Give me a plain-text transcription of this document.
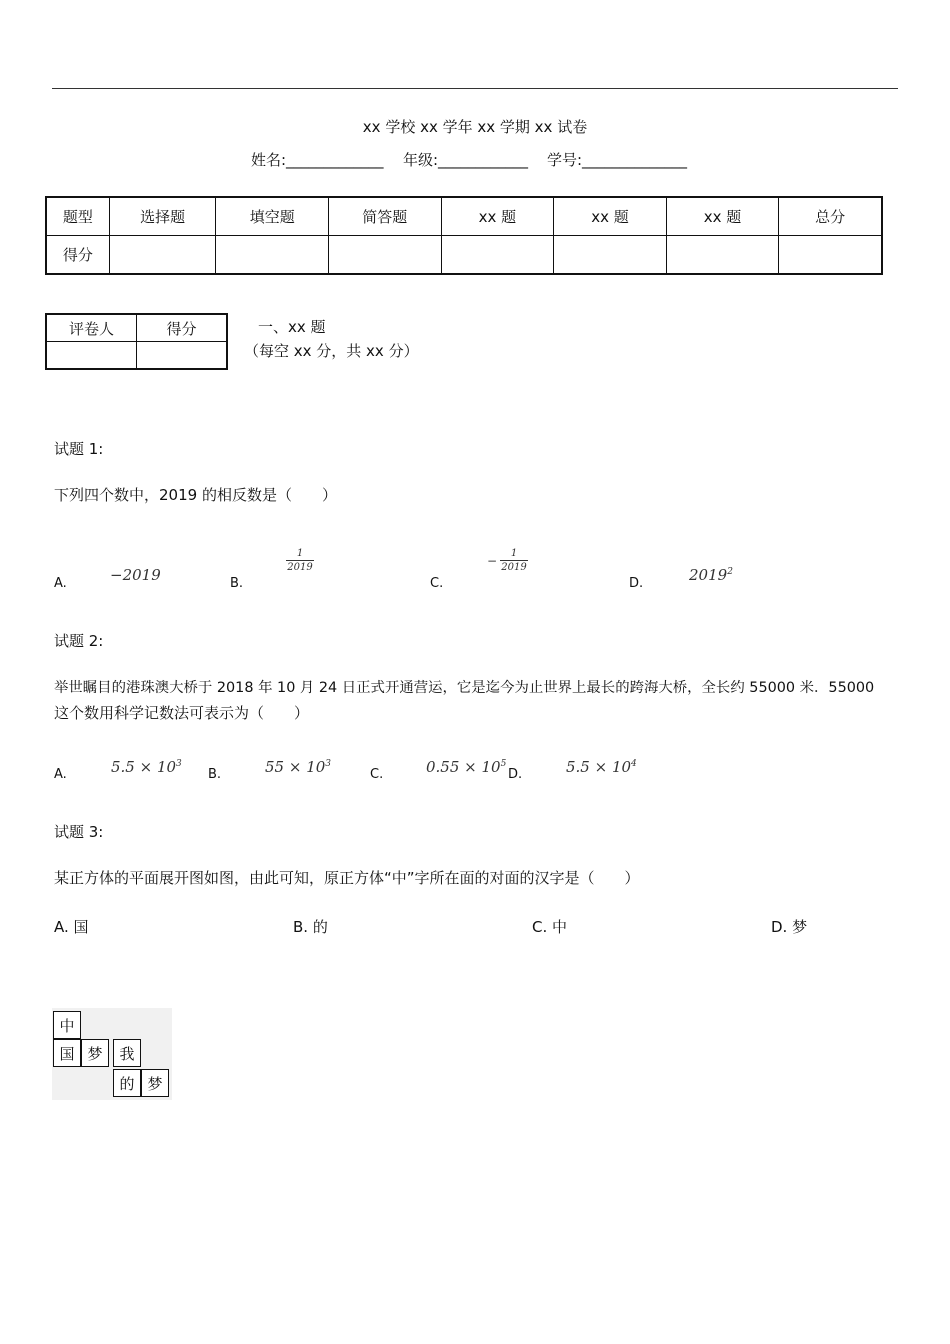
xx 学校 xx 学年 xx 学期 xx 试卷
姓名:_____________ 年级:____________ 学号:______________
题型	选择题	填空题	简答题	xx 题	xx 题	xx 题	总分
得分							
评卷人	得分
		一、xx 题
（每空 xx 分，共 xx 分）
试题 1:
下列四个数中，2019 的相反数是（　　）
A.	−2019	B.
1
2019
C.
−
1
2019
D.	2019$^2$
试题 2:
举世瞩目的港珠澳大桥于 2018 年 10 月 24 日正式开通营运，它是迄今为止世界上最长的跨海大桥，全长约 55000 米．55000
这个数用科学记数法可表示为（　　）
A.	$5.5 \times 10^3$
B.	$55 \times 10^3$
C.	$0.55 \times 10^5$
D.	$5.5 \times 10^4$
试题 3:
某正方体的平面展开图如图，由此可知，原正方体“中”字所在面的对面的汉字是（　　）
A. 国	B. 的	C. 中	D. 梦
中
国 梦	我
的 梦
